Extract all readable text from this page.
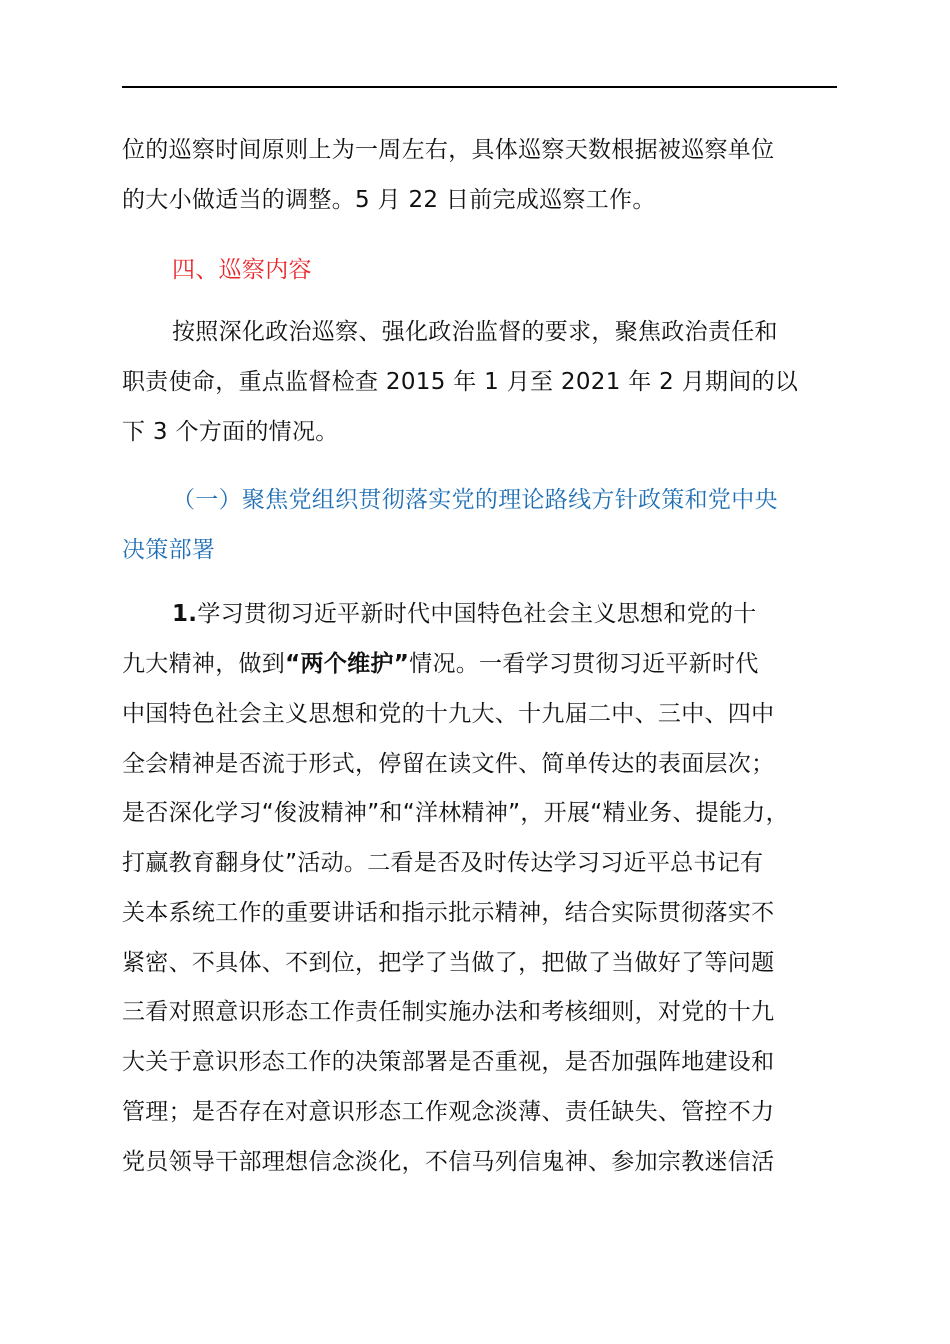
位的巡察时间原则上为一周左右，具体巡察天数根据被巡察单位
的大小做适当的调整。5 月 22 日前完成巡察工作。
四、巡察内容
按照深化政治巡察、强化政治监督的要求，聚焦政治责任和
职责使命，重点监督检查 2015 年 1 月至 2021 年 2 月期间的以
下 3 个方面的情况。
（一）聚焦党组织贯彻落实党的理论路线方针政策和党中央
决策部署
1.学习贯彻习近平新时代中国特色社会主义思想和党的十
九大精神，做到“两个维护”情况。一看学习贯彻习近平新时代
中国特色社会主义思想和党的十九大、十九届二中、三中、四中
全会精神是否流于形式，停留在读文件、简单传达的表面层次；
是否深化学习“俊波精神”和“洋林精神”，开展“精业务、提能力，
打赢教育翻身仗”活动。二看是否及时传达学习习近平总书记有
关本系统工作的重要讲话和指示批示精神，结合实际贯彻落实不
紧密、不具体、不到位，把学了当做了，把做了当做好了等问题
三看对照意识形态工作责任制实施办法和考核细则，对党的十九
大关于意识形态工作的决策部署是否重视，是否加强阵地建设和
管理；是否存在对意识形态工作观念淡薄、责任缺失、管控不力
党员领导干部理想信念淡化，不信马列信鬼神、参加宗教迷信活
